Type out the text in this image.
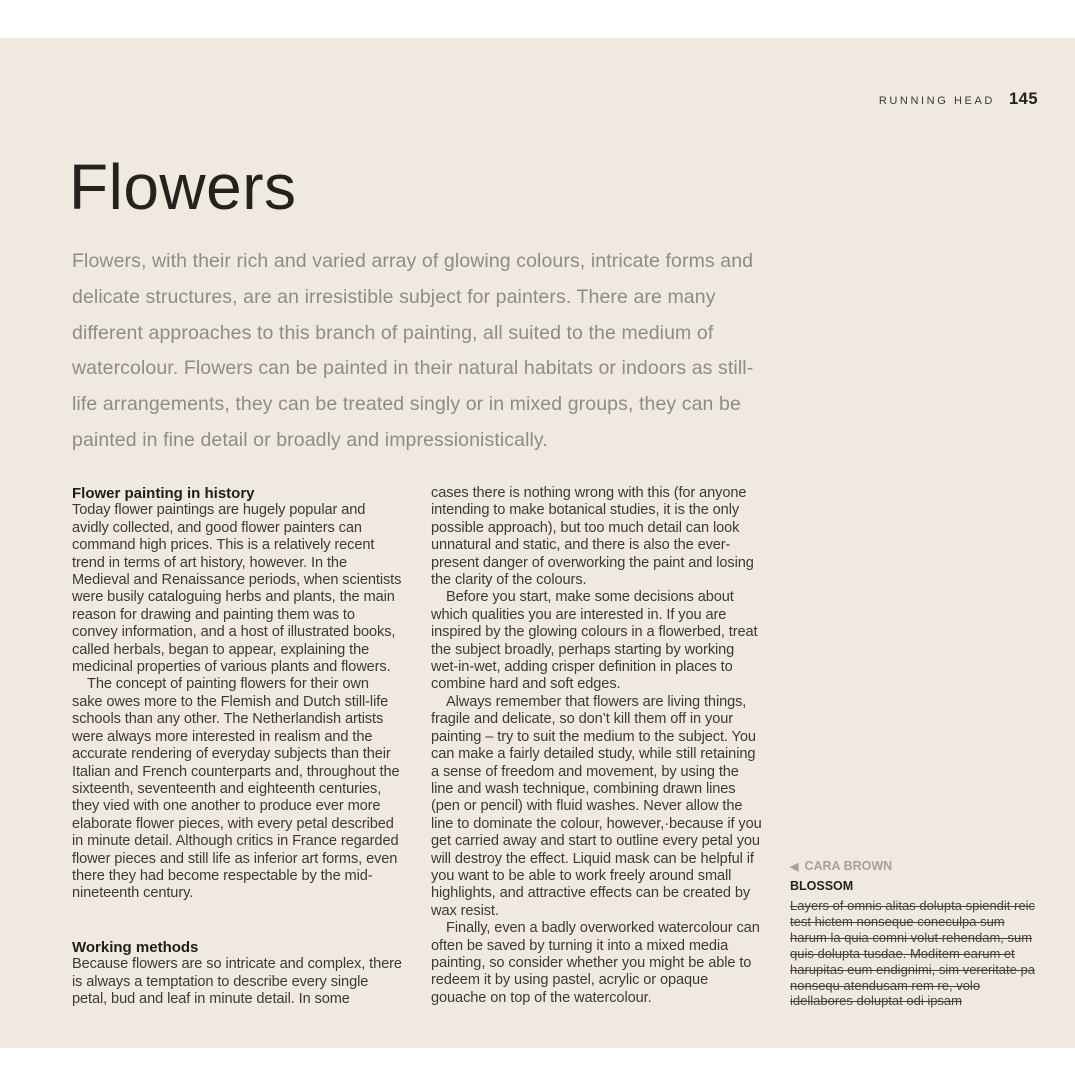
RUNNING HEAD 145
Flowers

Flowers, with their rich and varied array of glowing colours, intricate forms and delicate structures, are an irresistible subject for painters. There are many different approaches to this branch of painting, all suited to the medium of watercolour. Flowers can be painted in their natural habitats or indoors as still-life arrangements, they can be treated singly or in mixed groups, they can be painted in fine detail or broadly and impressionistically.

Flower painting in history

Today flower paintings are hugely popular and avidly collected, and good flower painters can command high prices. This is a relatively recent trend in terms of art history, however. In the Medieval and Renaissance periods, when scientists were busily cataloguing herbs and plants, the main reason for drawing and painting them was to convey information, and a host of illustrated books, called herbals, began to appear, explaining the medicinal properties of various plants and flowers.

The concept of painting flowers for their own sake owes more to the Flemish and Dutch still-life schools than any other. The Netherlandish artists were always more interested in realism and the accurate rendering of everyday subjects than their Italian and French counterparts and, throughout the sixteenth, seventeenth and eighteenth centuries, they vied with one another to produce ever more elaborate flower pieces, with every petal described in minute detail. Although critics in France regarded flower pieces and still life as inferior art forms, even there they had become respectable by the mid-nineteenth century.

Working methods

Because flowers are so intricate and complex, there is always a temptation to describe every single petal, bud and leaf in minute detail. In some

cases there is nothing wrong with this (for anyone intending to make botanical studies, it is the only possible approach), but too much detail can look unnatural and static, and there is also the ever-present danger of overworking the paint and losing the clarity of the colours.

Before you start, make some decisions about which qualities you are interested in. If you are inspired by the glowing colours in a flowerbed, treat the subject broadly, perhaps starting by working wet-in-wet, adding crisper definition in places to combine hard and soft edges.

Always remember that flowers are living things, fragile and delicate, so don’t kill them off in your painting – try to suit the medium to the subject. You can make a fairly detailed study, while still retaining a sense of freedom and movement, by using the line and wash technique, combining drawn lines (pen or pencil) with fluid washes. Never allow the line to dominate the colour, however,·because if you get carried away and start to outline every petal you will destroy the effect. Liquid mask can be helpful if you want to be able to work freely around small highlights, and attractive effects can be created by wax resist.

Finally, even a badly overworked watercolour can often be saved by turning it into a mixed media painting, so consider whether you might be able to redeem it by using pastel, acrylic or opaque gouache on top of the watercolour.

◀ CARA BROWN
BLOSSOM

Layers of omnis alitas dolupta spiendit reic test hictem nonseque coneculpa sum harum la quia comni volut rehendam, sum quis dolupta tusdae. Moditem earum et harupitas eum endignimi, sim vereritate pa nonsequ atendusam rem re, volo idellabores doluptat odi ipsam
